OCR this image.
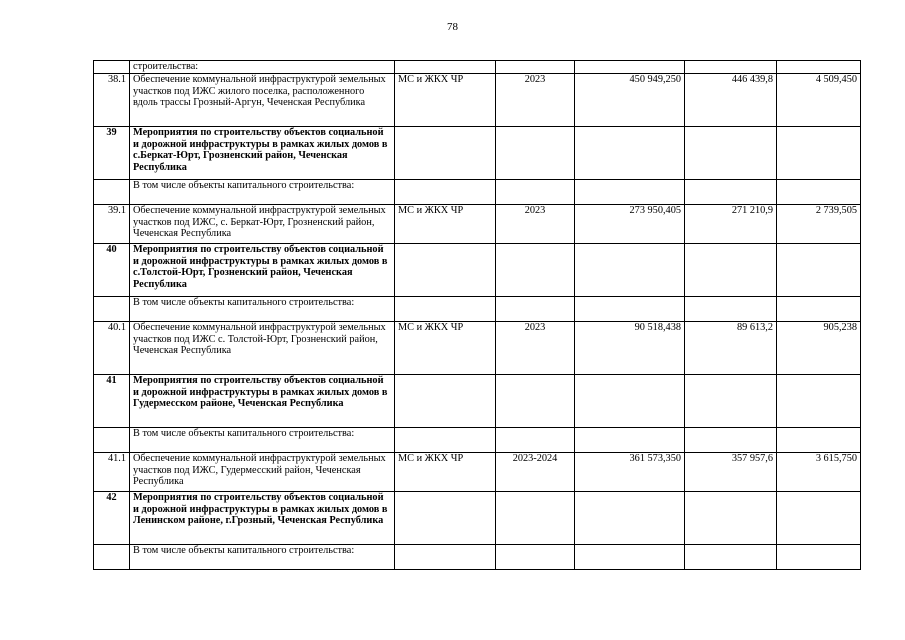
78
	строительства:					
38.1	Обеспечение коммунальной инфраструктурой земельных участков под ИЖС жилого поселка, расположенного вдоль трассы Грозный-Аргун, Чеченская Республика	МС и ЖКХ ЧР	2023	450 949,250	446 439,8	4 509,450
39	Мероприятия по строительству объектов социальной и дорожной инфраструктуры в рамках жилых домов в с.Беркат-Юрт, Грозненский район, Чеченская Республика					
	В том числе объекты капитального строительства:					
39.1	Обеспечение коммунальной инфраструктурой земельных участков под ИЖС, с. Беркат-Юрт, Грозненский район, Чеченская Республика	МС и ЖКХ ЧР	2023	273 950,405	271 210,9	2 739,505
40	Мероприятия по строительству объектов социальной и дорожной инфраструктуры в рамках жилых домов в с.Толстой-Юрт, Грозненский район, Чеченская Республика					
	В том числе объекты капитального строительства:					
40.1	Обеспечение коммунальной инфраструктурой земельных участков под ИЖС с. Толстой-Юрт, Грозненский район, Чеченская Республика	МС и ЖКХ ЧР	2023	90 518,438	89 613,2	905,238
41	Мероприятия по строительству объектов социальной и дорожной инфраструктуры в рамках жилых домов в Гудермесском районе, Чеченская Республика					
	В том числе объекты капитального строительства:					
41.1	Обеспечение коммунальной инфраструктурой земельных участков под ИЖС, Гудермесский район, Чеченская Республика	МС и ЖКХ ЧР	2023-2024	361 573,350	357 957,6	3 615,750
42	Мероприятия по строительству объектов социальной и дорожной инфраструктуры в рамках жилых домов в Ленинском районе, г.Грозный, Чеченская Республика					
	В том числе объекты капитального строительства:					
